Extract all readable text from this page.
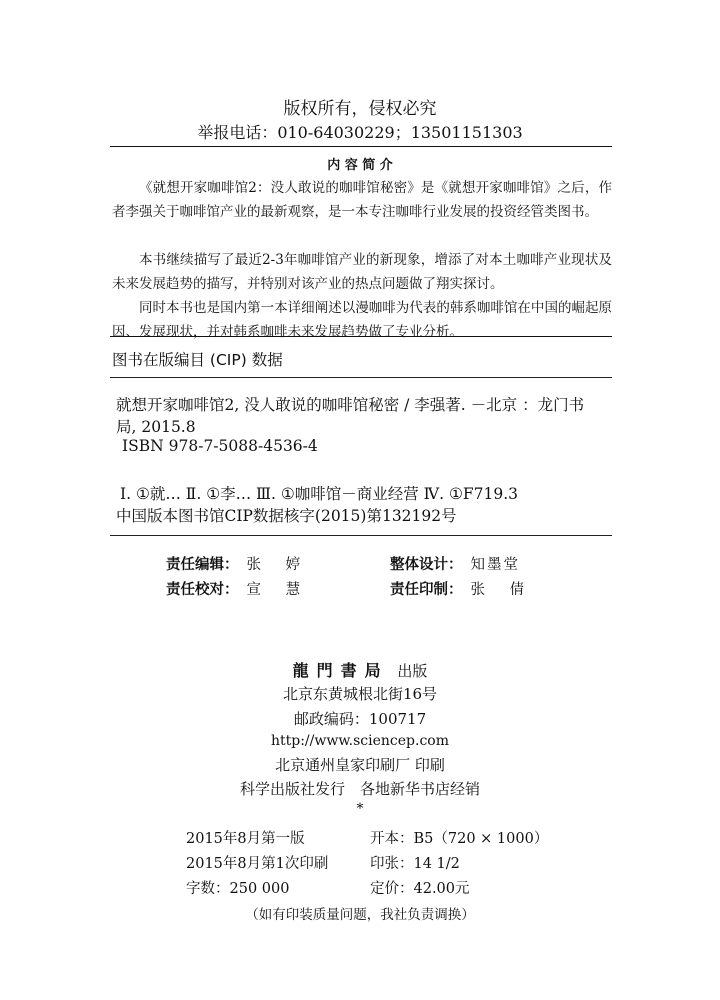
版权所有，侵权必究
举报电话：010-64030229；13501151303
内 容 简 介
《就想开家咖啡馆2：没人敢说的咖啡馆秘密》是《就想开家咖啡馆》之后，作者李强关于咖啡馆产业的最新观察，是一本专注咖啡行业发展的投资经管类图书。
本书继续描写了最近2-3年咖啡馆产业的新现象，增添了对本土咖啡产业现状及未来发展趋势的描写，并特别对该产业的热点问题做了翔实探讨。
同时本书也是国内第一本详细阐述以漫咖啡为代表的韩系咖啡馆在中国的崛起原因、发展现状，并对韩系咖啡未来发展趋势做了专业分析。
图书在版编目 (CIP) 数据
就想开家咖啡馆2, 没人敢说的咖啡馆秘密 / 李强著. －北京 ：龙门书
局, 2015.8
ISBN 978-7-5088-4536-4
Ⅰ. ①就… Ⅱ. ①李… Ⅲ. ①咖啡馆－商业经营 Ⅳ. ①F719.3
中国版本图书馆CIP数据核字(2015)第132192号
责任编辑： 张 婷	整体设计： 知墨堂
责任校对： 宣 慧	责任印制： 张 倩
龍門書局 出版
北京东黄城根北街16号
邮政编码：100717
http://www.sciencep.com
北京通州皇家印刷厂 印刷
科学出版社发行　各地新华书店经销
*
2015年8月第一版	开本：B5（720 × 1000）
2015年8月第1次印刷	印张：14 1/2
字数：250 000	定价：42.00元
（如有印装质量问题，我社负责调换）
